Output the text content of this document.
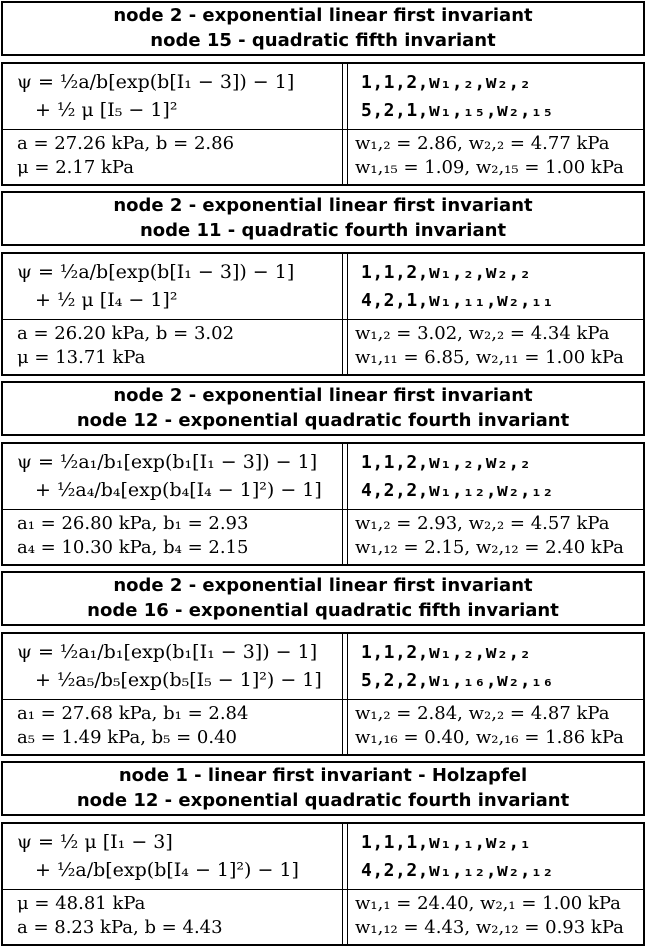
node 2 - exponential linear first invariant
node 15 - quadratic fifth invariant
ψ = ½a/b[exp(b[I₁ − 3]) − 1]
+ ½ μ [I₅ − 1]²
1,1,2,w₁,₂,w₂,₂
5,2,1,w₁,₁₅,w₂,₁₅
a = 27.26 kPa, b = 2.86
μ = 2.17 kPa
w₁,₂ = 2.86, w₂,₂ = 4.77 kPa
w₁,₁₅ = 1.09, w₂,₁₅ = 1.00 kPa
node 2 - exponential linear first invariant
node 11 - quadratic fourth invariant
ψ = ½a/b[exp(b[I₁ − 3]) − 1]
+ ½ μ [I₄ − 1]²
1,1,2,w₁,₂,w₂,₂
4,2,1,w₁,₁₁,w₂,₁₁
a = 26.20 kPa, b = 3.02
μ = 13.71 kPa
w₁,₂ = 3.02, w₂,₂ = 4.34 kPa
w₁,₁₁ = 6.85, w₂,₁₁ = 1.00 kPa
node 2 - exponential linear first invariant
node 12 - exponential quadratic fourth invariant
ψ = ½a₁/b₁[exp(b₁[I₁ − 3]) − 1]
+ ½a₄/b₄[exp(b₄[I₄ − 1]²) − 1]
1,1,2,w₁,₂,w₂,₂
4,2,2,w₁,₁₂,w₂,₁₂
a₁ = 26.80 kPa, b₁ = 2.93
a₄ = 10.30 kPa, b₄ = 2.15
w₁,₂ = 2.93, w₂,₂ = 4.57 kPa
w₁,₁₂ = 2.15, w₂,₁₂ = 2.40 kPa
node 2 - exponential linear first invariant
node 16 - exponential quadratic fifth invariant
ψ = ½a₁/b₁[exp(b₁[I₁ − 3]) − 1]
+ ½a₅/b₅[exp(b₅[I₅ − 1]²) − 1]
1,1,2,w₁,₂,w₂,₂
5,2,2,w₁,₁₆,w₂,₁₆
a₁ = 27.68 kPa, b₁ = 2.84
a₅ = 1.49 kPa, b₅ = 0.40
w₁,₂ = 2.84, w₂,₂ = 4.87 kPa
w₁,₁₆ = 0.40, w₂,₁₆ = 1.86 kPa
node 1 - linear first invariant - Holzapfel
node 12 - exponential quadratic fourth invariant
ψ = ½ μ [I₁ − 3]
+ ½a/b[exp(b[I₄ − 1]²) − 1]
1,1,1,w₁,₁,w₂,₁
4,2,2,w₁,₁₂,w₂,₁₂
μ = 48.81 kPa
a = 8.23 kPa, b = 4.43
w₁,₁ = 24.40, w₂,₁ = 1.00 kPa
w₁,₁₂ = 4.43, w₂,₁₂ = 0.93 kPa
